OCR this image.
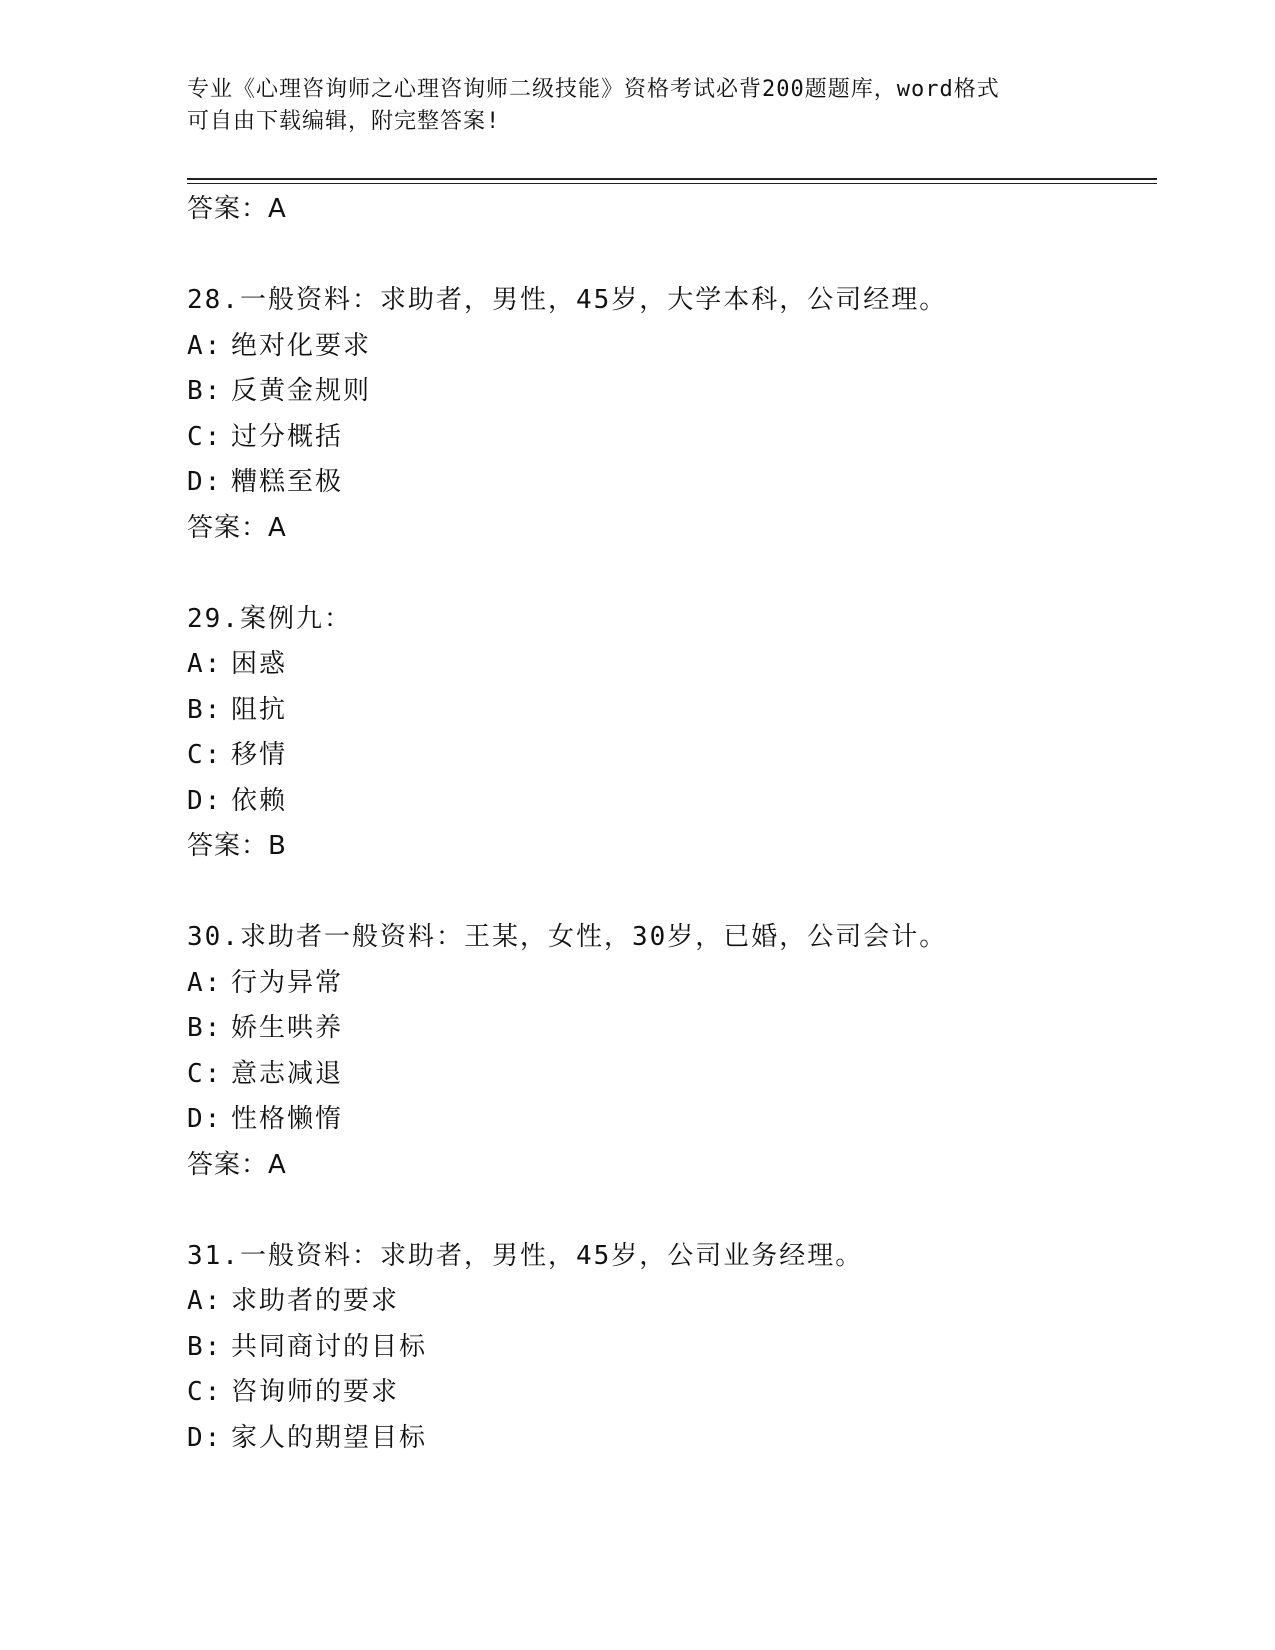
专业《心理咨询师之心理咨询师二级技能》资格考试必背200题题库，word格式
可自由下载编辑，附完整答案!
答案：A
28.一般资料：求助者，男性，45岁，大学本科，公司经理。
A: 绝对化要求
B: 反黄金规则
C: 过分概括
D: 糟糕至极
答案：A
29.案例九：
A: 困惑
B: 阻抗
C: 移情
D: 依赖
答案：B
30.求助者一般资料：王某，女性，30岁，已婚，公司会计。
A: 行为异常
B: 娇生哄养
C: 意志减退
D: 性格懒惰
答案：A
31.一般资料：求助者，男性，45岁，公司业务经理。
A: 求助者的要求
B: 共同商讨的目标
C: 咨询师的要求
D: 家人的期望目标
